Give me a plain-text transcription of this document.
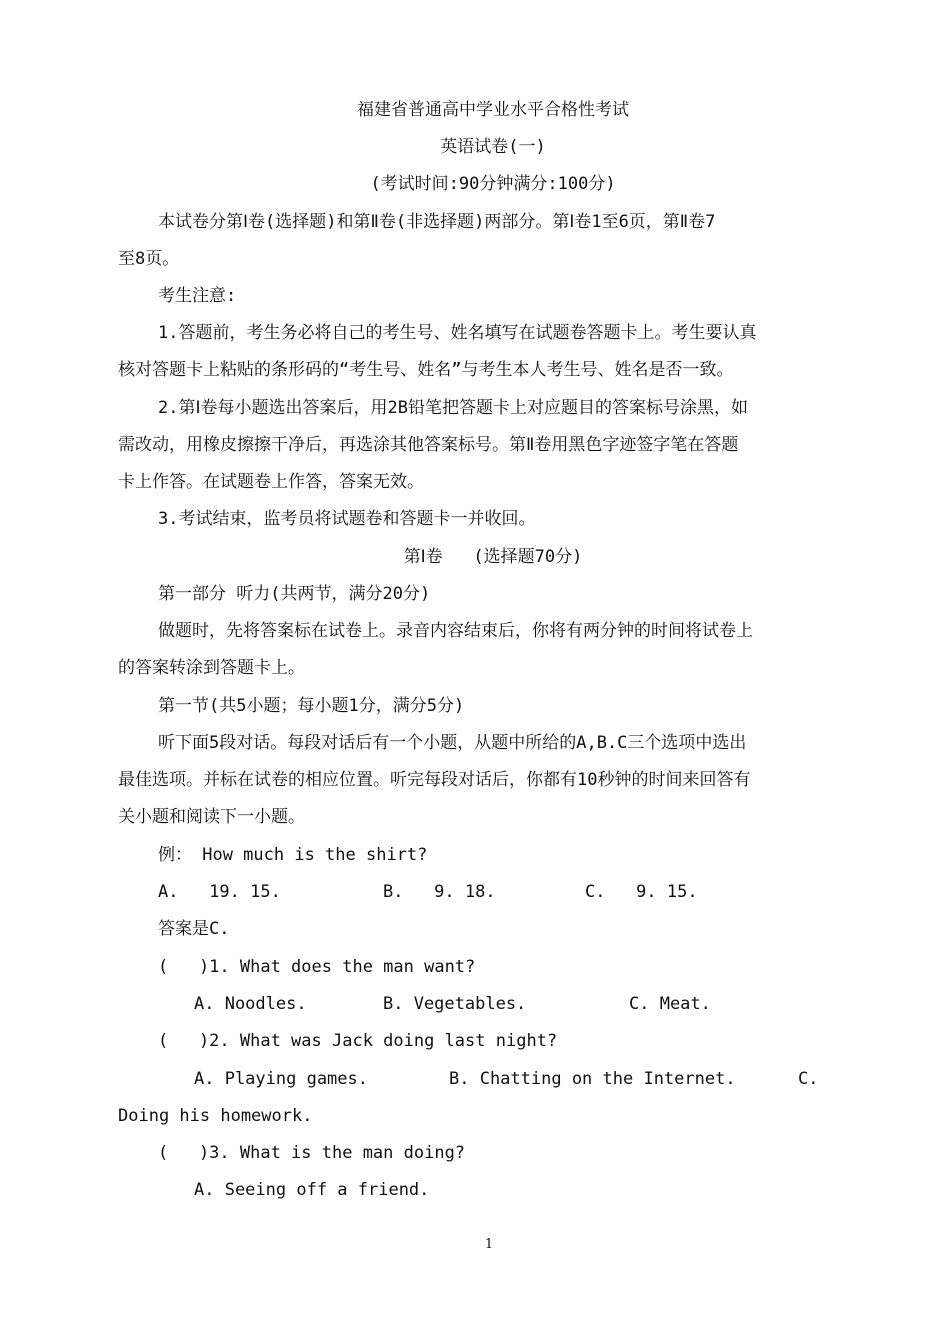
福建省普通高中学业水平合格性考试
英语试卷(一)
(考试时间:90分钟满分:100分)
本试卷分第Ⅰ卷(选择题)和第Ⅱ卷(非选择题)两部分。第Ⅰ卷1至6页，第Ⅱ卷7
至8页。
考生注意:
1.答题前，考生务必将自己的考生号、姓名填写在试题卷答题卡上。考生要认真
核对答题卡上粘贴的条形码的“考生号、姓名”与考生本人考生号、姓名是否一致。
2.第Ⅰ卷每小题选出答案后，用2B铅笔把答题卡上对应题目的答案标号涂黑，如
需改动，用橡皮擦擦干净后，再选涂其他答案标号。第Ⅱ卷用黑色字迹签字笔在答题
卡上作答。在试题卷上作答，答案无效。
3.考试结束，监考员将试题卷和答题卡一并收回。
第Ⅰ卷   (选择题70分)
第一部分 听力(共两节，满分20分)
做题时，先将答案标在试卷上。录音内容结束后，你将有两分钟的时间将试卷上
的答案转涂到答题卡上。
第一节(共5小题；每小题1分，满分5分)
听下面5段对话。每段对话后有一个小题，从题中所给的A,B.C三个选项中选出
最佳选项。并标在试卷的相应位置。听完每段对话后，你都有10秒钟的时间来回答有
关小题和阅读下一小题。
例： How much is the shirt?
A.   19. 15.	B.   9. 18.	C.   9. 15.
答案是C.
(   )1. What does the man want?
A. Noodles.	B. Vegetables.	C. Meat.
(   )2. What was Jack doing last night?
A. Playing games.	B. Chatting on the Internet.	C.
Doing his homework.
(   )3. What is the man doing?
A. Seeing off a friend.
1
